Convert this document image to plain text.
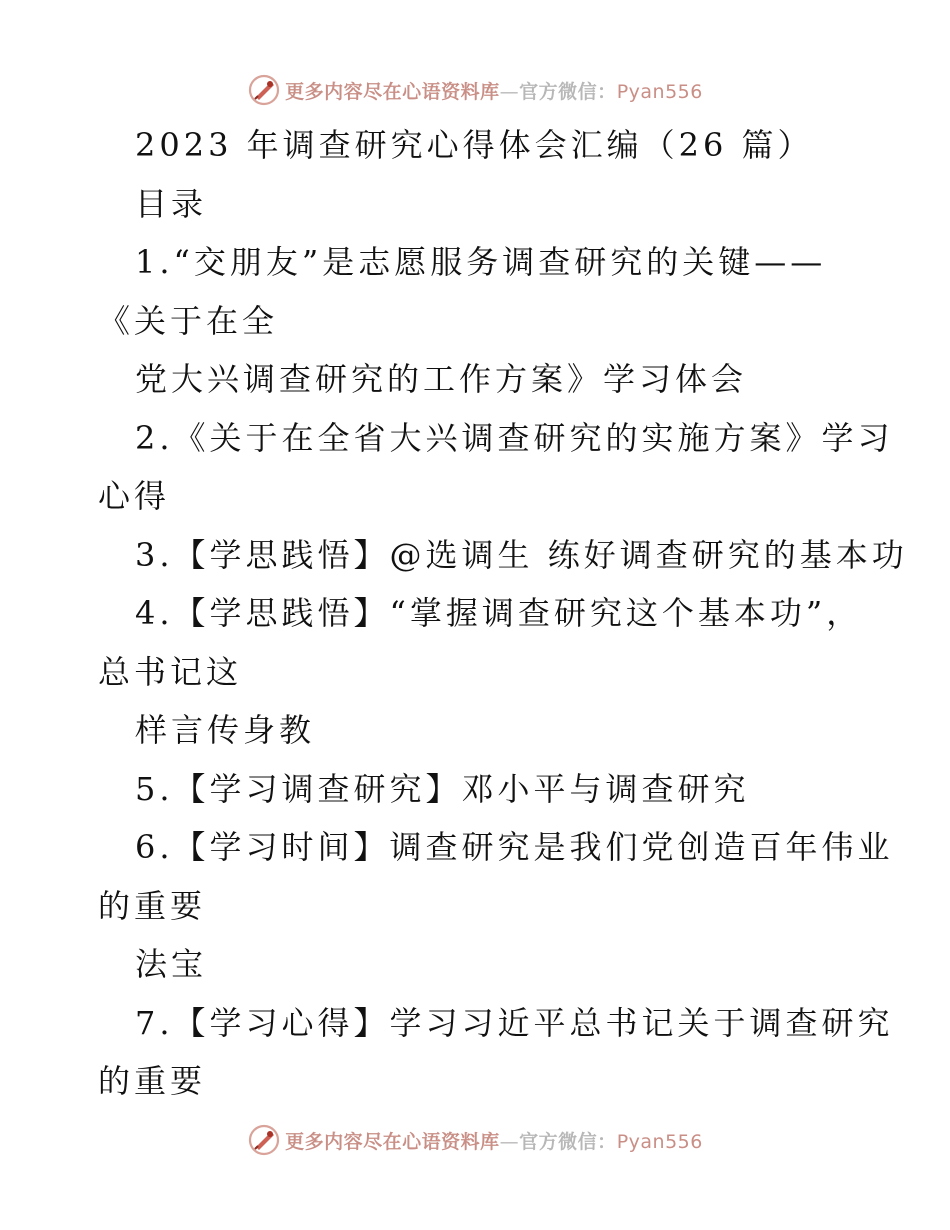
更多内容尽在心语资料库—官方微信：Pyan556
2023 年调查研究心得体会汇编（26 篇）
目录
1.“交朋友”是志愿服务调查研究的关键——
《关于在全
党大兴调查研究的工作方案》学习体会
2.《关于在全省大兴调查研究的实施方案》学习
心得
3.【学思践悟】@选调生 练好调查研究的基本功
4.【学思践悟】“掌握调查研究这个基本功”，
总书记这
样言传身教
5.【学习调查研究】邓小平与调查研究
6.【学习时间】调查研究是我们党创造百年伟业
的重要
法宝
7.【学习心得】学习习近平总书记关于调查研究
的重要
更多内容尽在心语资料库—官方微信：Pyan556
